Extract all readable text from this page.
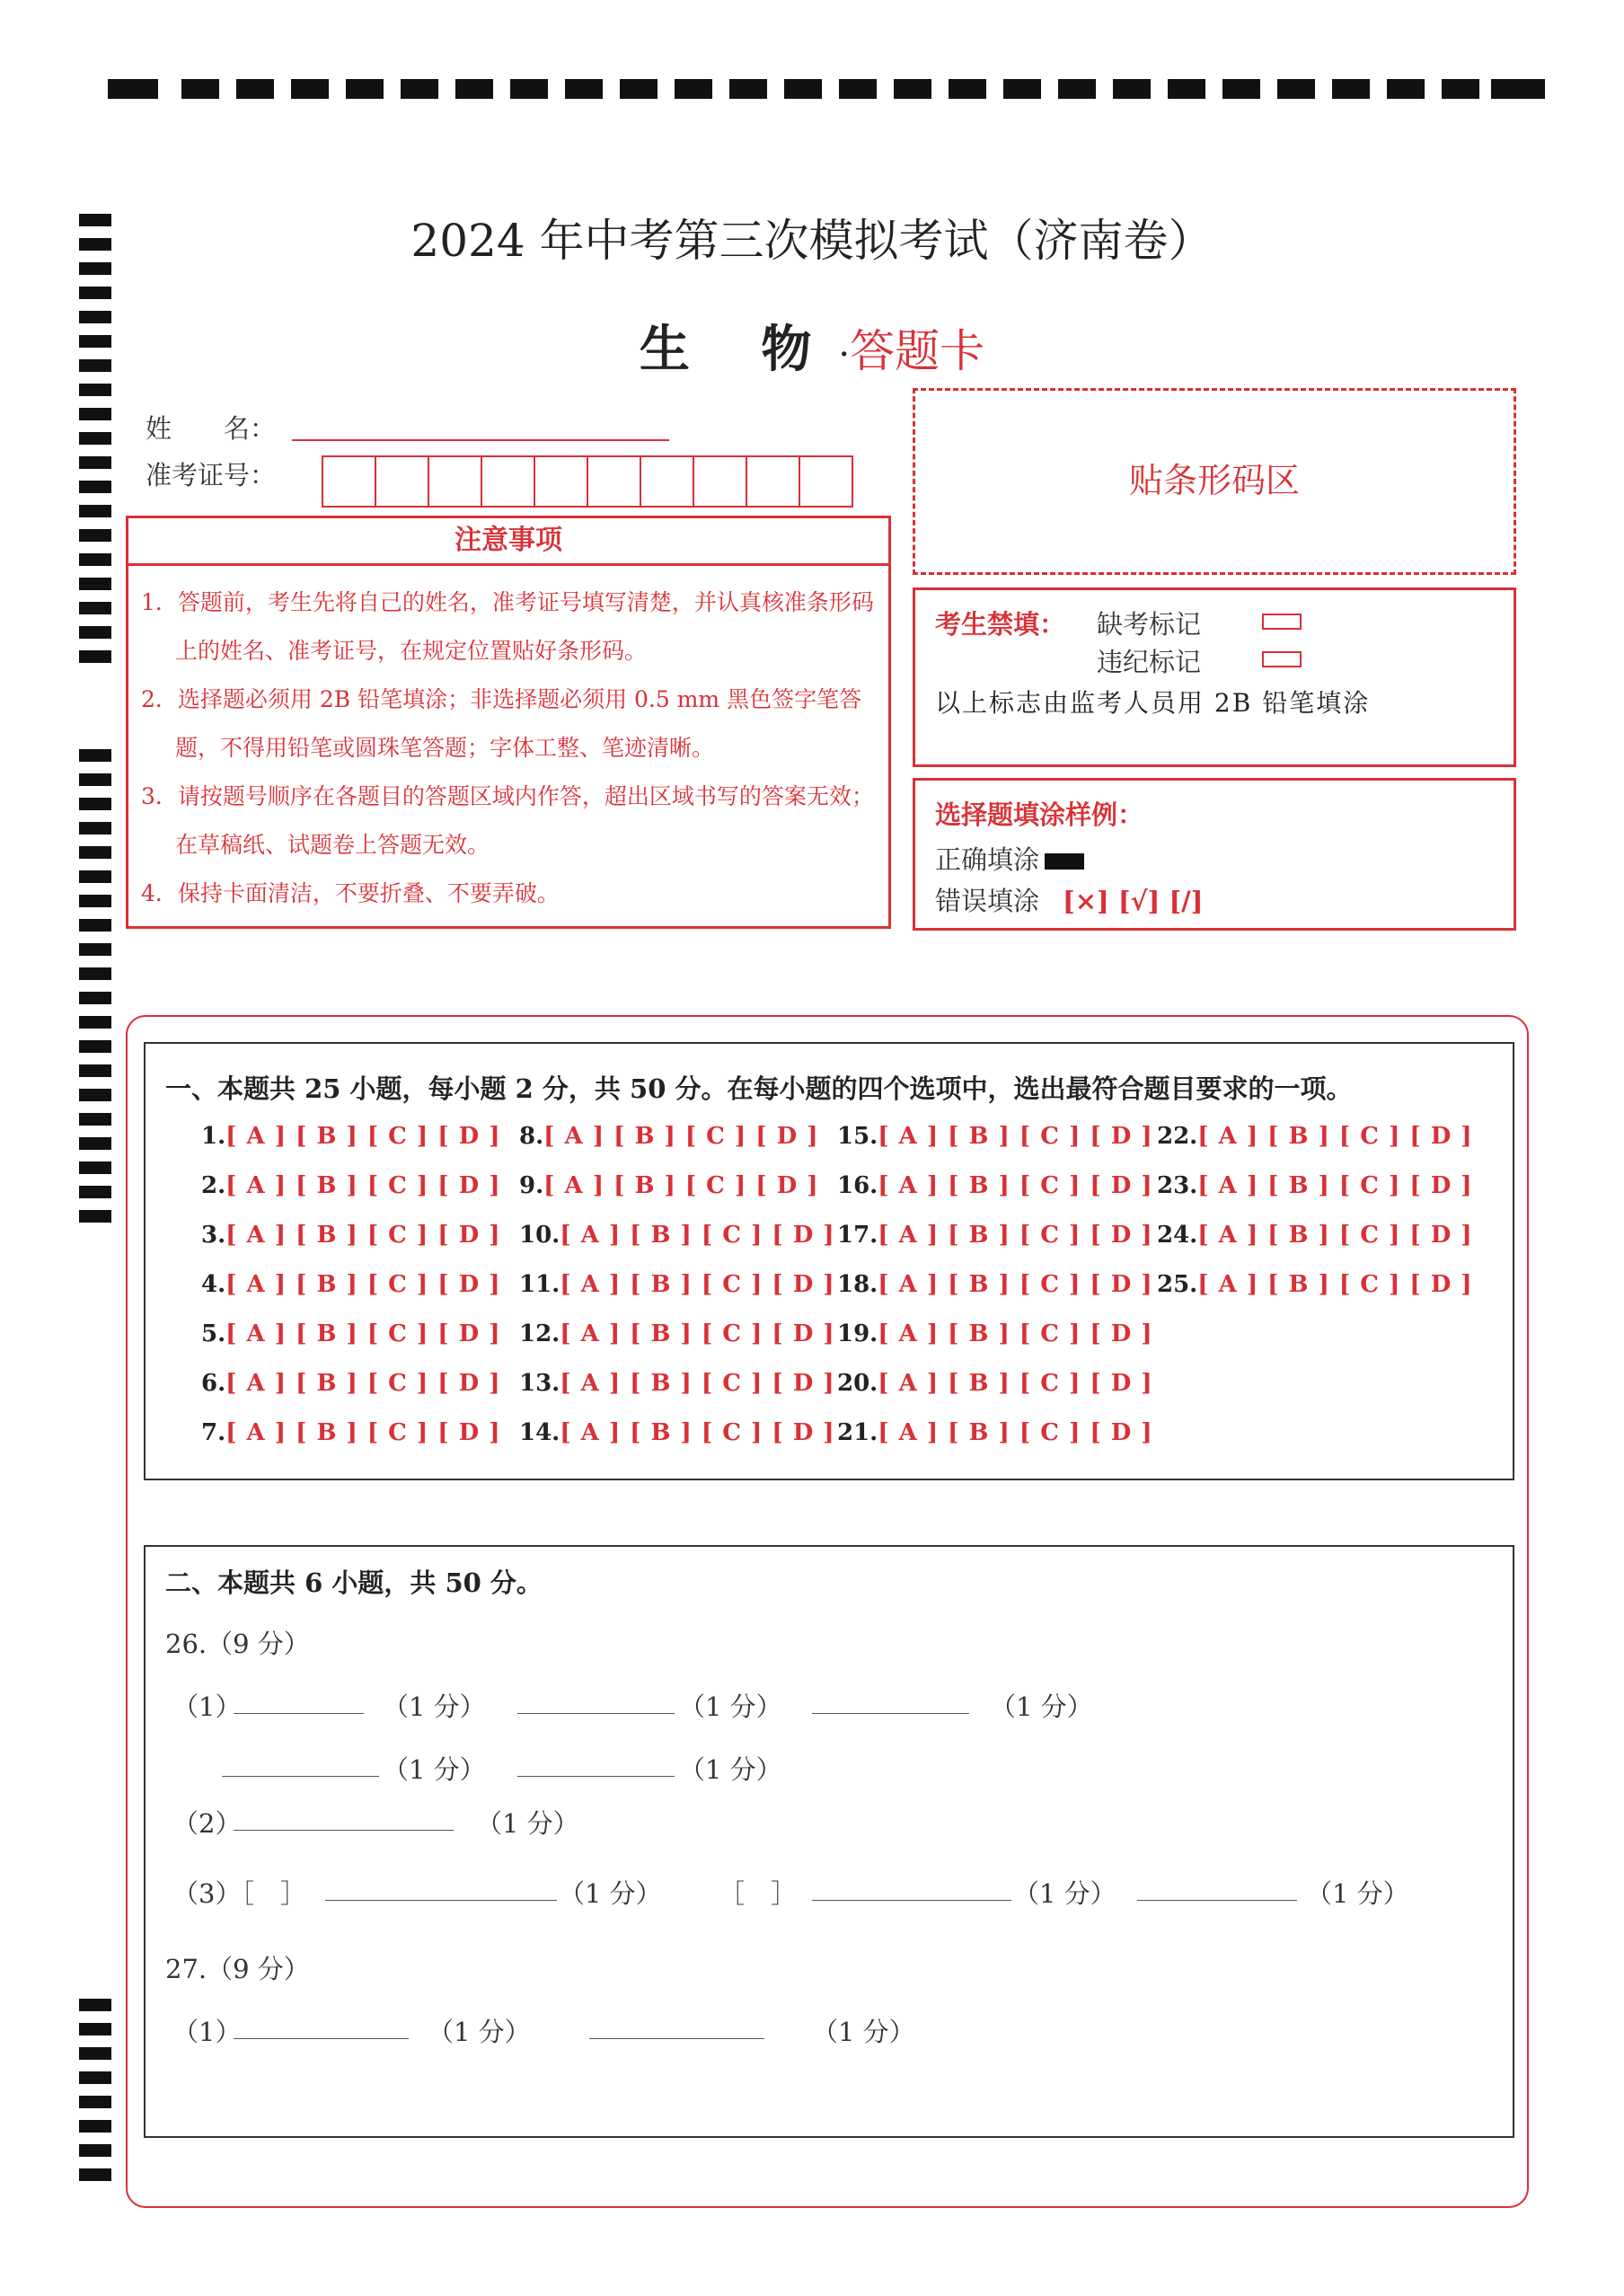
2024 年中考第三次模拟考试（济南卷）
生 物·答题卡
姓　　名：
准考证号：
注意事项
1．答题前，考生先将自己的姓名，准考证号填写清楚，并认真核准条形码上的姓名、准考证号，在规定位置贴好条形码。
2．选择题必须用 2B 铅笔填涂；非选择题必须用 0.5 mm 黑色签字笔答题，不得用铅笔或圆珠笔答题；字体工整、笔迹清晰。
3．请按题号顺序在各题目的答题区域内作答，超出区域书写的答案无效；在草稿纸、试题卷上答题无效。
4．保持卡面清洁，不要折叠、不要弄破。
贴条形码区
考生禁填： 缺考标记
违纪标记
以上标志由监考人员用 2B 铅笔填涂
选择题填涂样例：
正确填涂
错误填涂 [×] [√] [/]
一、本题共 25 小题，每小题 2 分，共 50 分。在每小题的四个选项中，选出最符合题目要求的一项。
1.[ A ] [ B ] [ C ] [ D ]
2.[ A ] [ B ] [ C ] [ D ]
3.[ A ] [ B ] [ C ] [ D ]
4.[ A ] [ B ] [ C ] [ D ]
5.[ A ] [ B ] [ C ] [ D ]
6.[ A ] [ B ] [ C ] [ D ]
7.[ A ] [ B ] [ C ] [ D ]
8.[ A ] [ B ] [ C ] [ D ]
9.[ A ] [ B ] [ C ] [ D ]
10.[ A ] [ B ] [ C ] [ D ]
11.[ A ] [ B ] [ C ] [ D ]
12.[ A ] [ B ] [ C ] [ D ]
13.[ A ] [ B ] [ C ] [ D ]
14.[ A ] [ B ] [ C ] [ D ]
15.[ A ] [ B ] [ C ] [ D ]
16.[ A ] [ B ] [ C ] [ D ]
17.[ A ] [ B ] [ C ] [ D ]
18.[ A ] [ B ] [ C ] [ D ]
19.[ A ] [ B ] [ C ] [ D ]
20.[ A ] [ B ] [ C ] [ D ]
21.[ A ] [ B ] [ C ] [ D ]
22.[ A ] [ B ] [ C ] [ D ]
23.[ A ] [ B ] [ C ] [ D ]
24.[ A ] [ B ] [ C ] [ D ]
25.[ A ] [ B ] [ C ] [ D ]
二、本题共 6 小题，共 50 分。
26.（9 分）
（1）	（1 分）	（1 分）	（1 分）
（1 分）	（1 分）
（2）	（1 分）
（3）［　］	（1 分） ［　］	（1 分）	（1 分）
27.（9 分）
（1）	（1 分）	（1 分）
